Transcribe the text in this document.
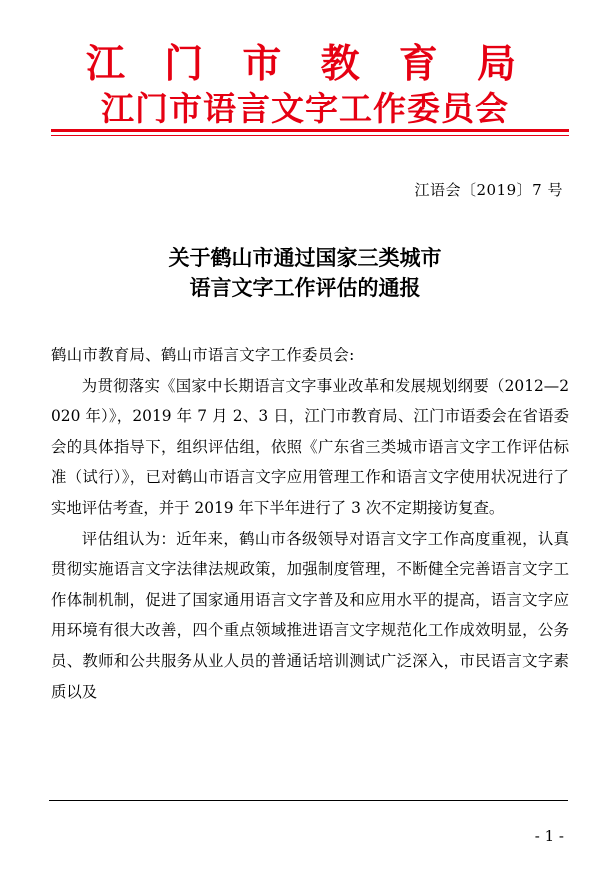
江 门 市 教 育 局
江门市语言文字工作委员会
江语会〔2019〕7 号
关于鹤山市通过国家三类城市
语言文字工作评估的通报

鹤山市教育局、鹤山市语言文字工作委员会:

为贯彻落实《国家中长期语言文字事业改革和发展规划纲要（2012—2020 年）》，2019 年 7 月 2、3 日，江门市教育局、江门市语委会在省语委会的具体指导下，组织评估组，依照《广东省三类城市语言文字工作评估标准（试行）》，已对鹤山市语言文字应用管理工作和语言文字使用状况进行了实地评估考查，并于 2019 年下半年进行了 3 次不定期接访复查。

评估组认为：近年来，鹤山市各级领导对语言文字工作高度重视，认真贯彻实施语言文字法律法规政策，加强制度管理，不断健全完善语言文字工作体制机制，促进了国家通用语言文字普及和应用水平的提高，语言文字应用环境有很大改善，四个重点领域推进语言文字规范化工作成效明显，公务员、教师和公共服务从业人员的普通话培训测试广泛深入，市民语言文字素质以及

- 1 -
